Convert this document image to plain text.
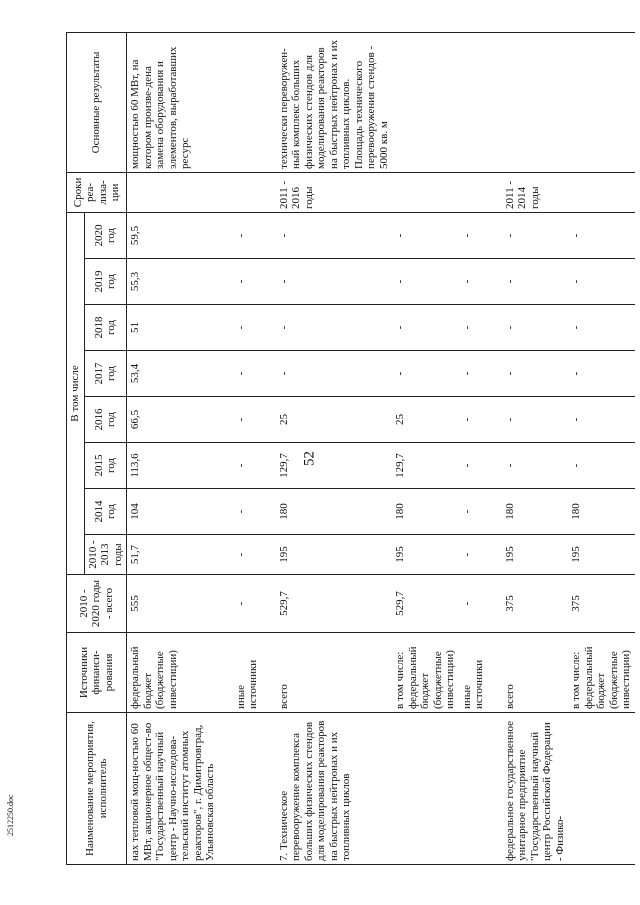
52
2512250.doc	Наименование мероприятия, исполнитель	Источники финанси-рования	2010 - 2020 годы - всего	В том числе								Сроки реа-лиза-ции	Основные результаты
			2010 - 2013 годы	2014 год	2015 год	2016 год	2017 год	2018 год	2019 год	2020 год		
нах тепловой мощ-ностью 60 МВт, акционерное общест-во "Государственный научный центр - Научно-исследова-тельский институт атомных реакторов", г. Димитровград, Ульяновская область	федеральный бюджет (бюджетные инвестиции)	555	51,7	104	113,6	66,5	53,4	51	55,3	59,5		мощностью 60 МВт, на котором произве-дена замена оборудования и элементов, выработавших ресурс

	иные источники	-	-	-	-	-	-	-	-	-		

7. Техническое перевооружение комплекса больших физических стендов для моделирования реакторов на быстрых нейтронах и их топливных циклов	всего	529,7	195	180	129,7	25	-	-	-	-	2011 - 2016 годы	технически переворужен-ный комплекс больших физических стендов для моделирования реакторов на быстрых нейтронах и их топливных циклов. Площадь технического перевооружения стендов - 5000 кв. м
	в том числе: федеральный бюджет (бюджетные инвестиции)	529,7	195	180	129,7	25	-	-	-	-		
	иные источники	-	-	-	-	-	-	-	-	-		

федеральное государственное унитарное предприятие "Государственный научный центр Российской Федерации - Физико-	всего	375	195	180	-	-	-	-	-	-	2011 - 2014 годы	
	в том числе: федеральный бюджет (бюджетные инвестиции)	375	195	180	-	-	-	-	-	-		
